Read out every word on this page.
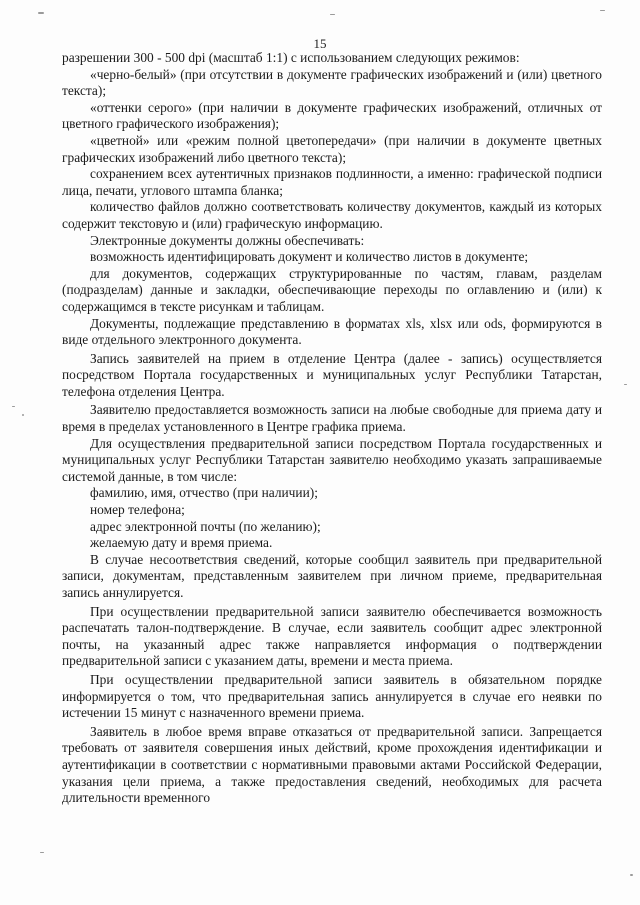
15

разрешении 300 - 500 dpi (масштаб 1:1) с использованием следующих режимов:

«черно-белый» (при отсутствии в документе графических изображений и (или) цветного текста);

«оттенки серого» (при наличии в документе графических изображений, отличных от цветного графического изображения);

«цветной» или «режим полной цветопередачи» (при наличии в документе цветных графических изображений либо цветного текста);

сохранением всех аутентичных признаков подлинности, а именно: графической подписи лица, печати, углового штампа бланка;

количество файлов должно соответствовать количеству документов, каждый из которых содержит текстовую и (или) графическую информацию.

Электронные документы должны обеспечивать:

возможность идентифицировать документ и количество листов в документе;

для документов, содержащих структурированные по частям, главам, разделам (подразделам) данные и закладки, обеспечивающие переходы по оглавлению и (или) к содержащимся в тексте рисункам и таблицам.

Документы, подлежащие представлению в форматах xls, xlsx или ods, формируются в виде отдельного электронного документа.

Запись заявителей на прием в отделение Центра (далее - запись) осуществляется посредством Портала государственных и муниципальных услуг Республики Татарстан, телефона отделения Центра.

Заявителю предоставляется возможность записи на любые свободные для приема дату и время в пределах установленного в Центре графика приема.

Для осуществления предварительной записи посредством Портала государственных и муниципальных услуг Республики Татарстан заявителю необходимо указать запрашиваемые системой данные, в том числе:

фамилию, имя, отчество (при наличии);

номер телефона;

адрес электронной почты (по желанию);

желаемую дату и время приема.

В случае несоответствия сведений, которые сообщил заявитель при предварительной записи, документам, представленным заявителем при личном приеме, предварительная запись аннулируется.

При осуществлении предварительной записи заявителю обеспечивается возможность распечатать талон-подтверждение. В случае, если заявитель сообщит адрес электронной почты, на указанный адрес также направляется информация о подтверждении предварительной записи с указанием даты, времени и места приема.

При осуществлении предварительной записи заявитель в обязательном порядке информируется о том, что предварительная запись аннулируется в случае его неявки по истечении 15 минут с назначенного времени приема.

Заявитель в любое время вправе отказаться от предварительной записи. Запрещается требовать от заявителя совершения иных действий, кроме прохождения идентификации и аутентификации в соответствии с нормативными правовыми актами Российской Федерации, указания цели приема, а также предоставления сведений, необходимых для расчета длительности временного
